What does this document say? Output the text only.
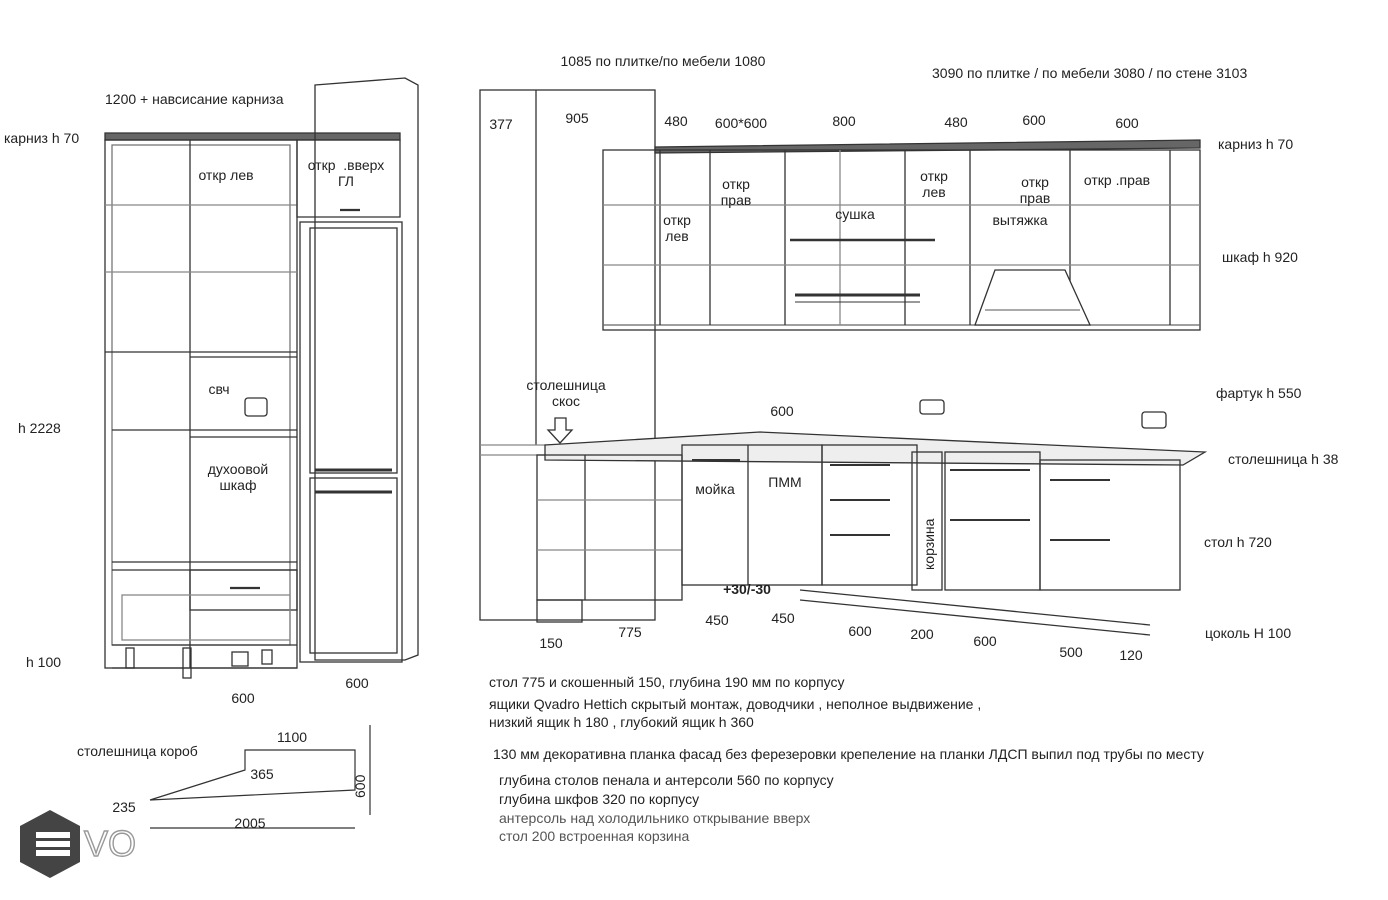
1085 по плитке/по мебели 1080
3090 по плитке / по мебели 3080 / по стене 3103
1200 + навсисание карниза
карниз h 70
h 2228
h 100
откр лев
откр  .вверх
ГЛ
свч
духоовой
шкаф
600
600
377	905	480 600*600	800	480	600	600
откр
лев
откр
прав
сушка
откр
лев
откр
прав
вытяжка
откр .прав
карниз h 70
шкаф h 920
фартук h 550
столешница h 38
стол h 720
цоколь H 100
столешница
скос
600
мойка ПММ
корзина
+30/-30
150
775
450	450
600	200	600
500	120
стол 775 и скошенный 150, глубина 190 мм по корпусу
ящики Qvadro Hettich скрытый монтаж, доводчики , неполное выдвижение ,
низкий ящик h 180 , глубокий ящик h 360
130 мм декоративна планка фасад без ферезеровки крепеление на планки ЛДСП выпил под трубы по месту
глубина столов пенала и антерсоли 560 по корпусу
глубина шкфов 320 по корпусу
антерсоль над холодильнико открывание вверх
стол 200 встроенная корзина
столешница короб
1100
365
600
235
2005
VO
